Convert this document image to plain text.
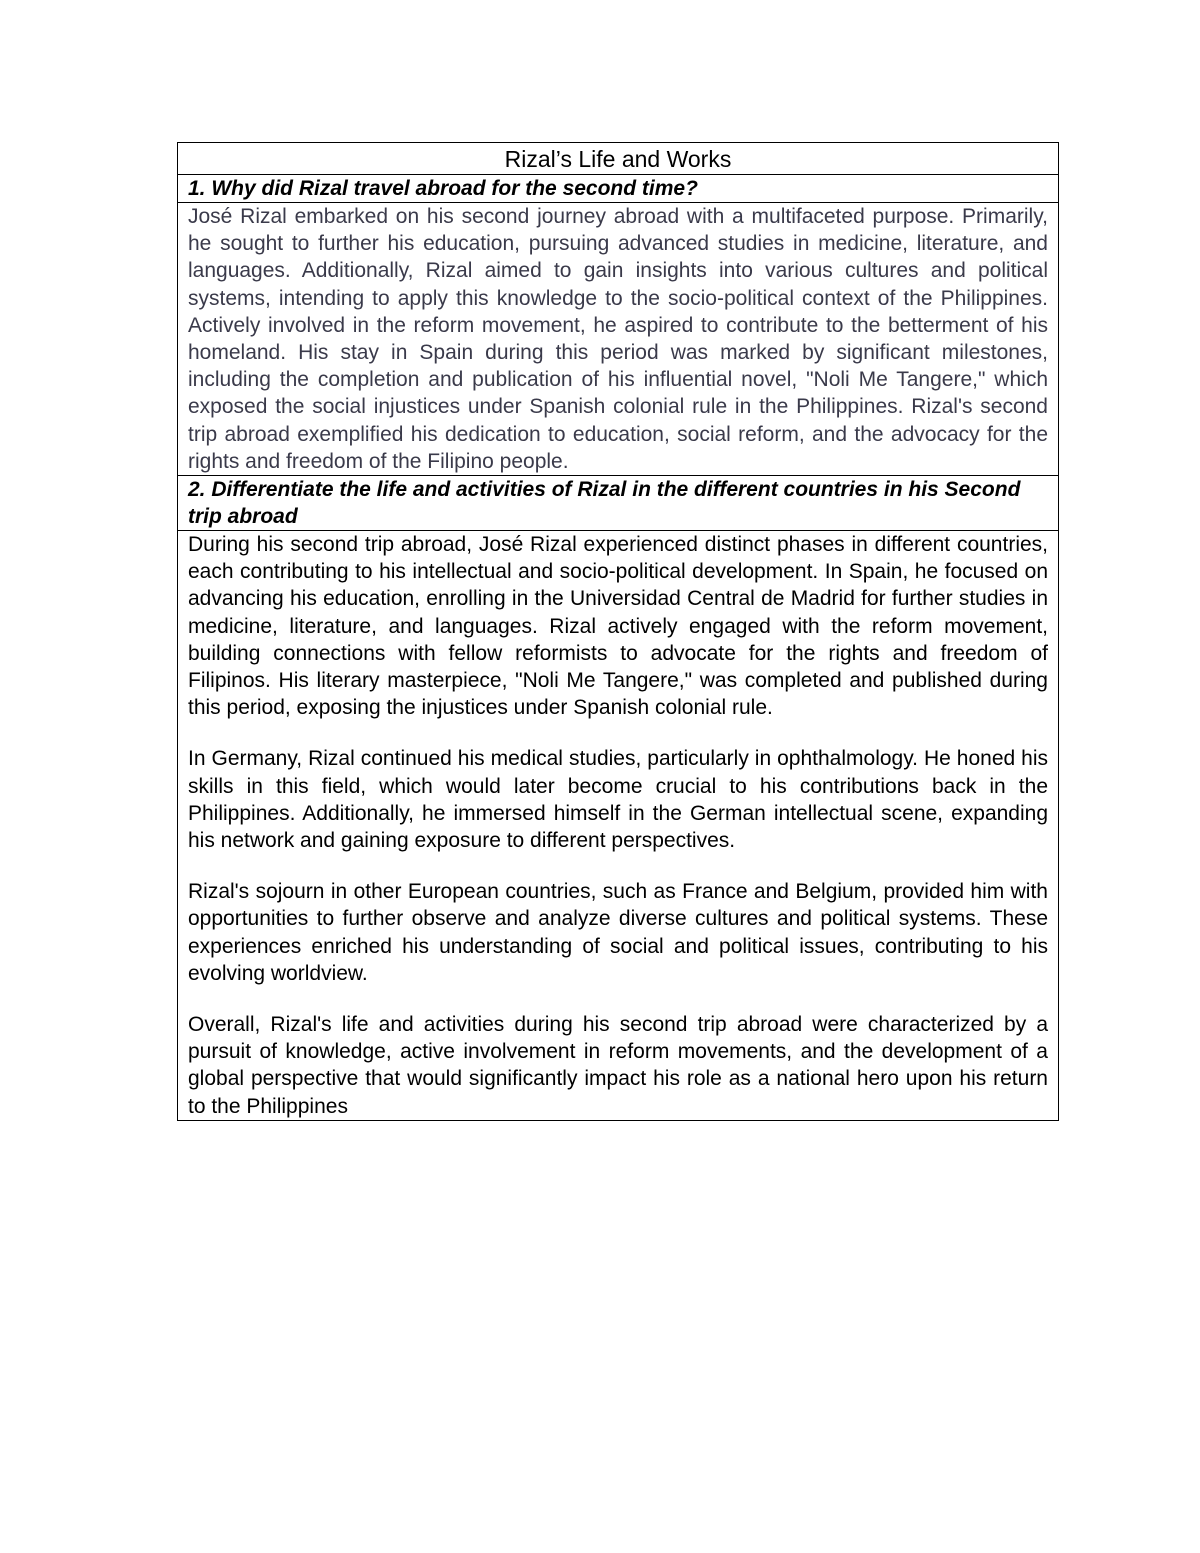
Rizal’s Life and Works
1. Why did Rizal travel abroad for the second time?

José Rizal embarked on his second journey abroad with a multifaceted purpose. Primarily, he sought to further his education, pursuing advanced studies in medicine, literature, and languages. Additionally, Rizal aimed to gain insights into various cultures and political systems, intending to apply this knowledge to the socio-political context of the Philippines. Actively involved in the reform movement, he aspired to contribute to the betterment of his homeland. His stay in Spain during this period was marked by significant milestones, including the completion and publication of his influential novel, "Noli Me Tangere," which exposed the social injustices under Spanish colonial rule in the Philippines. Rizal's second trip abroad exemplified his dedication to education, social reform, and the advocacy for the rights and freedom of the Filipino people.

2. Differentiate the life and activities of Rizal in the different countries in his Second trip abroad

During his second trip abroad, José Rizal experienced distinct phases in different countries, each contributing to his intellectual and socio-political development. In Spain, he focused on advancing his education, enrolling in the Universidad Central de Madrid for further studies in medicine, literature, and languages. Rizal actively engaged with the reform movement, building connections with fellow reformists to advocate for the rights and freedom of Filipinos. His literary masterpiece, "Noli Me Tangere," was completed and published during this period, exposing the injustices under Spanish colonial rule.

In Germany, Rizal continued his medical studies, particularly in ophthalmology. He honed his skills in this field, which would later become crucial to his contributions back in the Philippines. Additionally, he immersed himself in the German intellectual scene, expanding his network and gaining exposure to different perspectives.

Rizal's sojourn in other European countries, such as France and Belgium, provided him with opportunities to further observe and analyze diverse cultures and political systems. These experiences enriched his understanding of social and political issues, contributing to his evolving worldview.

Overall, Rizal's life and activities during his second trip abroad were characterized by a pursuit of knowledge, active involvement in reform movements, and the development of a global perspective that would significantly impact his role as a national hero upon his return to the Philippines
